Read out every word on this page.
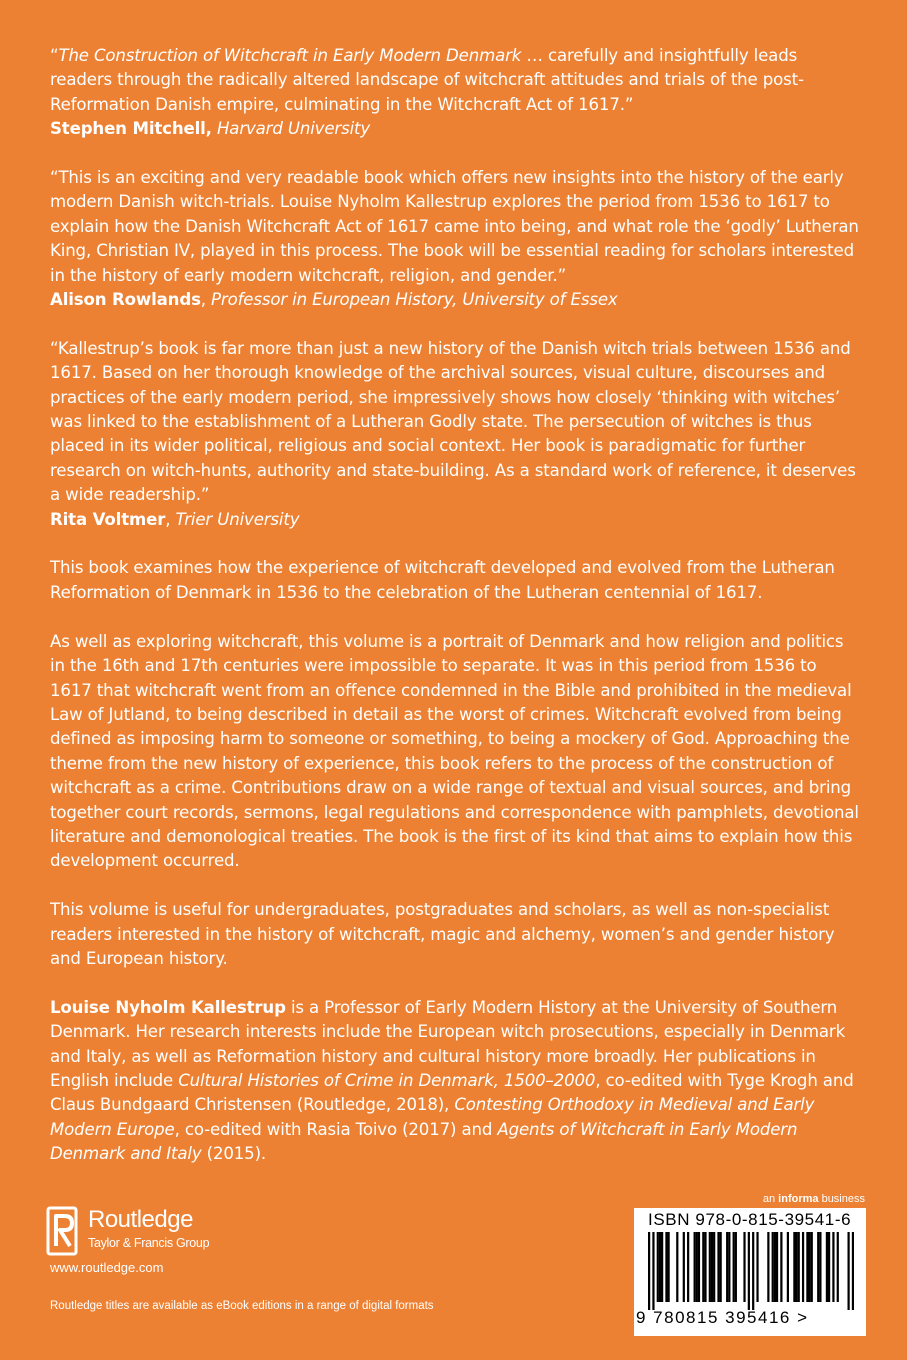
“The Construction of Witchcraft in Early Modern Denmark … carefully and insightfully leads readers through the radically altered landscape of witchcraft attitudes and trials of the post-Reformation Danish empire, culminating in the Witchcraft Act of 1617.”
Stephen Mitchell, Harvard University
“This is an exciting and very readable book which offers new insights into the history of the early modern Danish witch-trials. Louise Nyholm Kallestrup explores the period from 1536 to 1617 to explain how the Danish Witchcraft Act of 1617 came into being, and what role the ‘godly’ Lutheran King, Christian IV, played in this process. The book will be essential reading for scholars interested in the history of early modern witchcraft, religion, and gender.”
Alison Rowlands, Professor in European History, University of Essex
“Kallestrup’s book is far more than just a new history of the Danish witch trials between 1536 and 1617. Based on her thorough knowledge of the archival sources, visual culture, discourses and practices of the early modern period, she impressively shows how closely ‘thinking with witches’ was linked to the establishment of a Lutheran Godly state. The persecution of witches is thus placed in its wider political, religious and social context. Her book is paradigmatic for further research on witch-hunts, authority and state-building. As a standard work of reference, it deserves a wide readership.”
Rita Voltmer, Trier University

This book examines how the experience of witchcraft developed and evolved from the Lutheran Reformation of Denmark in 1536 to the celebration of the Lutheran centennial of 1617.

As well as exploring witchcraft, this volume is a portrait of Denmark and how religion and politics in the 16th and 17th centuries were impossible to separate. It was in this period from 1536 to 1617 that witchcraft went from an offence condemned in the Bible and prohibited in the medieval Law of Jutland, to being described in detail as the worst of crimes. Witchcraft evolved from being defined as imposing harm to someone or something, to being a mockery of God. Approaching the theme from the new history of experience, this book refers to the process of the construction of witchcraft as a crime. Contributions draw on a wide range of textual and visual sources, and bring together court records, sermons, legal regulations and correspondence with pamphlets, devotional literature and demonological treaties. The book is the first of its kind that aims to explain how this development occurred.

This volume is useful for undergraduates, postgraduates and scholars, as well as non-specialist readers interested in the history of witchcraft, magic and alchemy, women’s and gender history and European history.

Louise Nyholm Kallestrup is a Professor of Early Modern History at the University of Southern Denmark. Her research interests include the European witch prosecutions, especially in Denmark and Italy, as well as Reformation history and cultural history more broadly. Her publications in English include Cultural Histories of Crime in Denmark, 1500–2000, co-edited with Tyge Krogh and Claus Bundgaard Christensen (Routledge, 2018), Contesting Orthodoxy in Medieval and Early Modern Europe, co-edited with Rasia Toivo (2017) and Agents of Witchcraft in Early Modern Denmark and Italy (2015).

Routledge
Taylor & Francis Group
www.routledge.com
Routledge titles are available as eBook editions in a range of digital formats
an informa business
ISBN 978-0-815-39541-6
9 780815 395416 >
